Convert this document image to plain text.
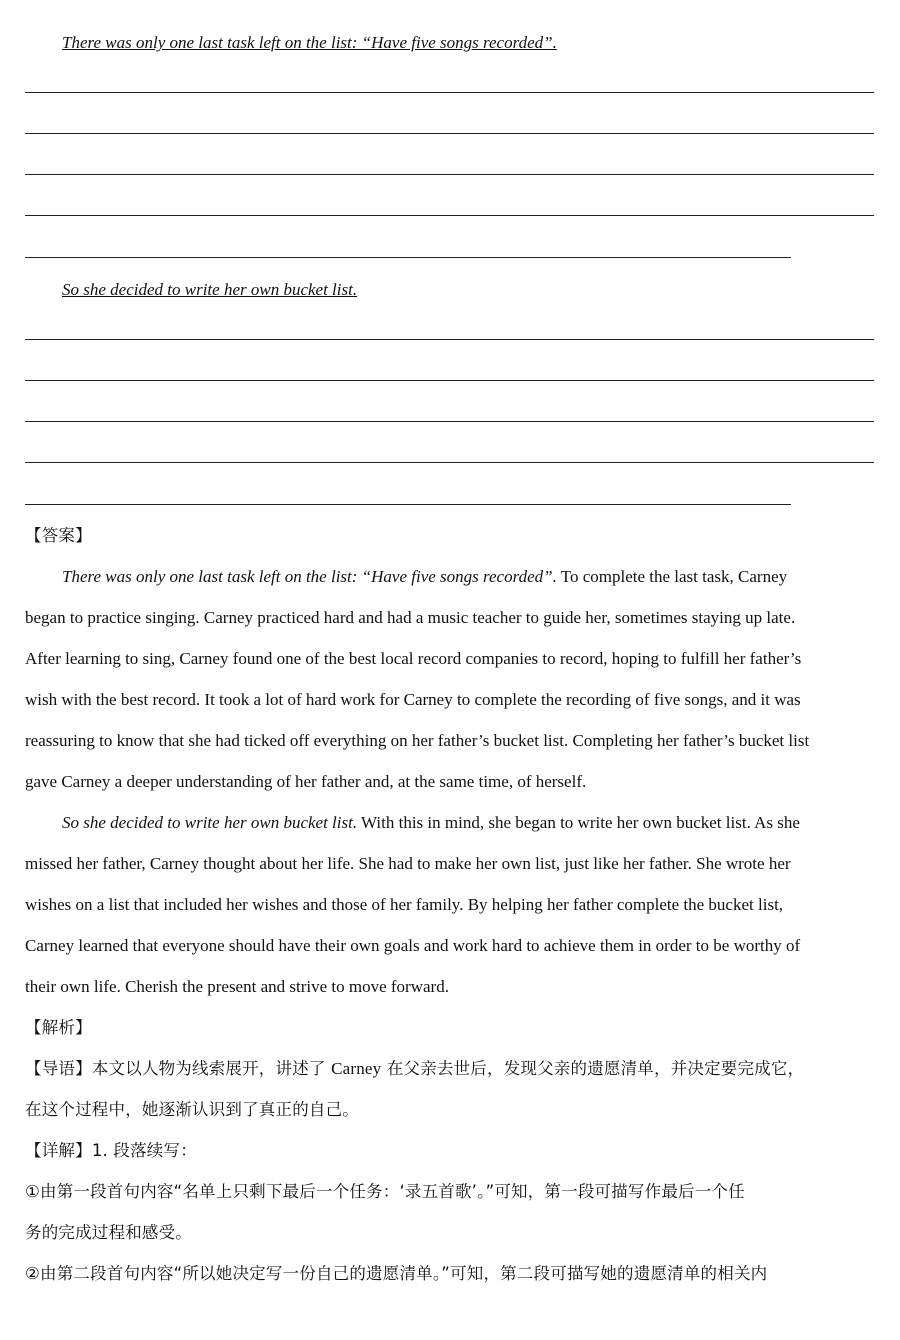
There was only one last task left on the list: “Have five songs recorded”.
So she decided to write her own bucket list.
【答案】
There was only one last task left on the list: “Have five songs recorded”. To complete the last task, Carney
began to practice singing. Carney practiced hard and had a music teacher to guide her, sometimes staying up late.
After learning to sing, Carney found one of the best local record companies to record, hoping to fulfill her father’s
wish with the best record. It took a lot of hard work for Carney to complete the recording of five songs, and it was
reassuring to know that she had ticked off everything on her father’s bucket list. Completing her father’s bucket list
gave Carney a deeper understanding of her father and, at the same time, of herself.
So she decided to write her own bucket list. With this in mind, she began to write her own bucket list. As she
missed her father, Carney thought about her life. She had to make her own list, just like her father. She wrote her
wishes on a list that included her wishes and those of her family. By helping her father complete the bucket list,
Carney learned that everyone should have their own goals and work hard to achieve them in order to be worthy of
their own life. Cherish the present and strive to move forward.
【解析】
【导语】本文以人物为线索展开，讲述了 Carney 在父亲去世后，发现父亲的遗愿清单，并决定要完成它，
在这个过程中，她逐渐认识到了真正的自己。
【详解】1. 段落续写：
①由第一段首句内容“名单上只剩下最后一个任务：‘录五首歌’。”可知，第一段可描写作最后一个任
务的完成过程和感受。
②由第二段首句内容“所以她决定写一份自己的遗愿清单。”可知，第二段可描写她的遗愿清单的相关内
